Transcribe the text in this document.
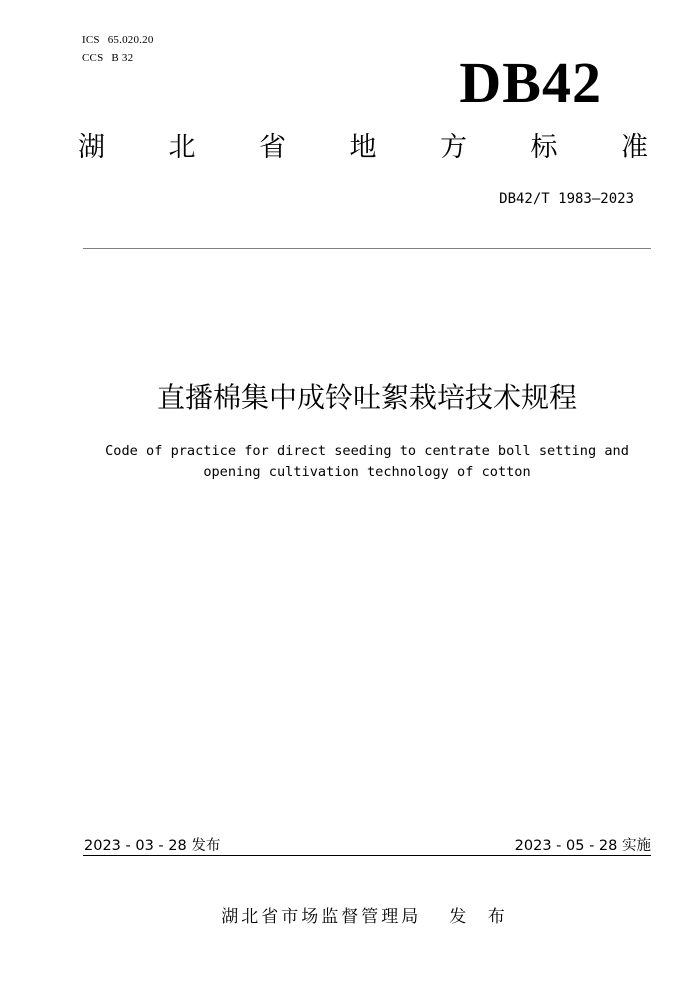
ICS 65.020.20
CCS B 32	DB42
湖 北 省 地 方 标 准
DB42/T 1983—2023
直播棉集中成铃吐絮栽培技术规程
Code of practice for direct seeding to centrate boll setting and
opening cultivation technology of cotton
2023 - 03 - 28 发布	2023 - 05 - 28 实施
湖北省市场监督管理局 发 布
